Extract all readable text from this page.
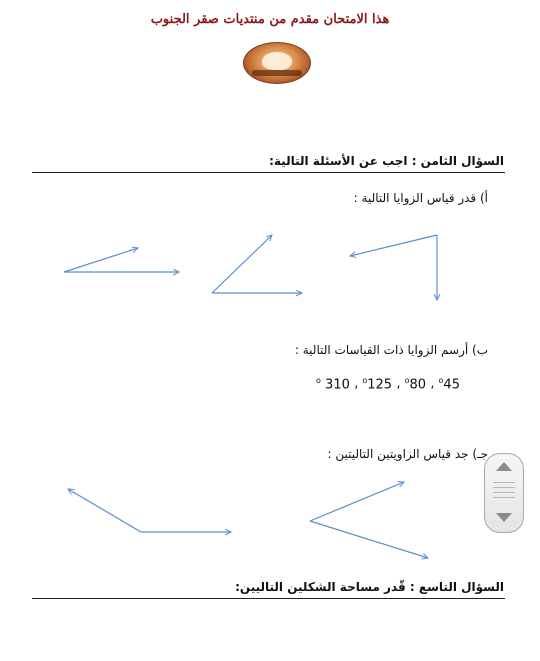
هذا الامتحان مقدم من منتديات صقر الجنوب
السؤال الثامن : اجب عن الأسئلة التالية:
أ) قدر قياس الزوايا التالية :
ب) أرسم الزوايا ذات القياسات التالية :
$^o$ 310 ، $^o$125 ، $^o$80 ، $^o$45
جـ) جد قياس الزاويتين التاليتين :
السؤال التاسع : قّدر مساحة الشكلين التاليين:
